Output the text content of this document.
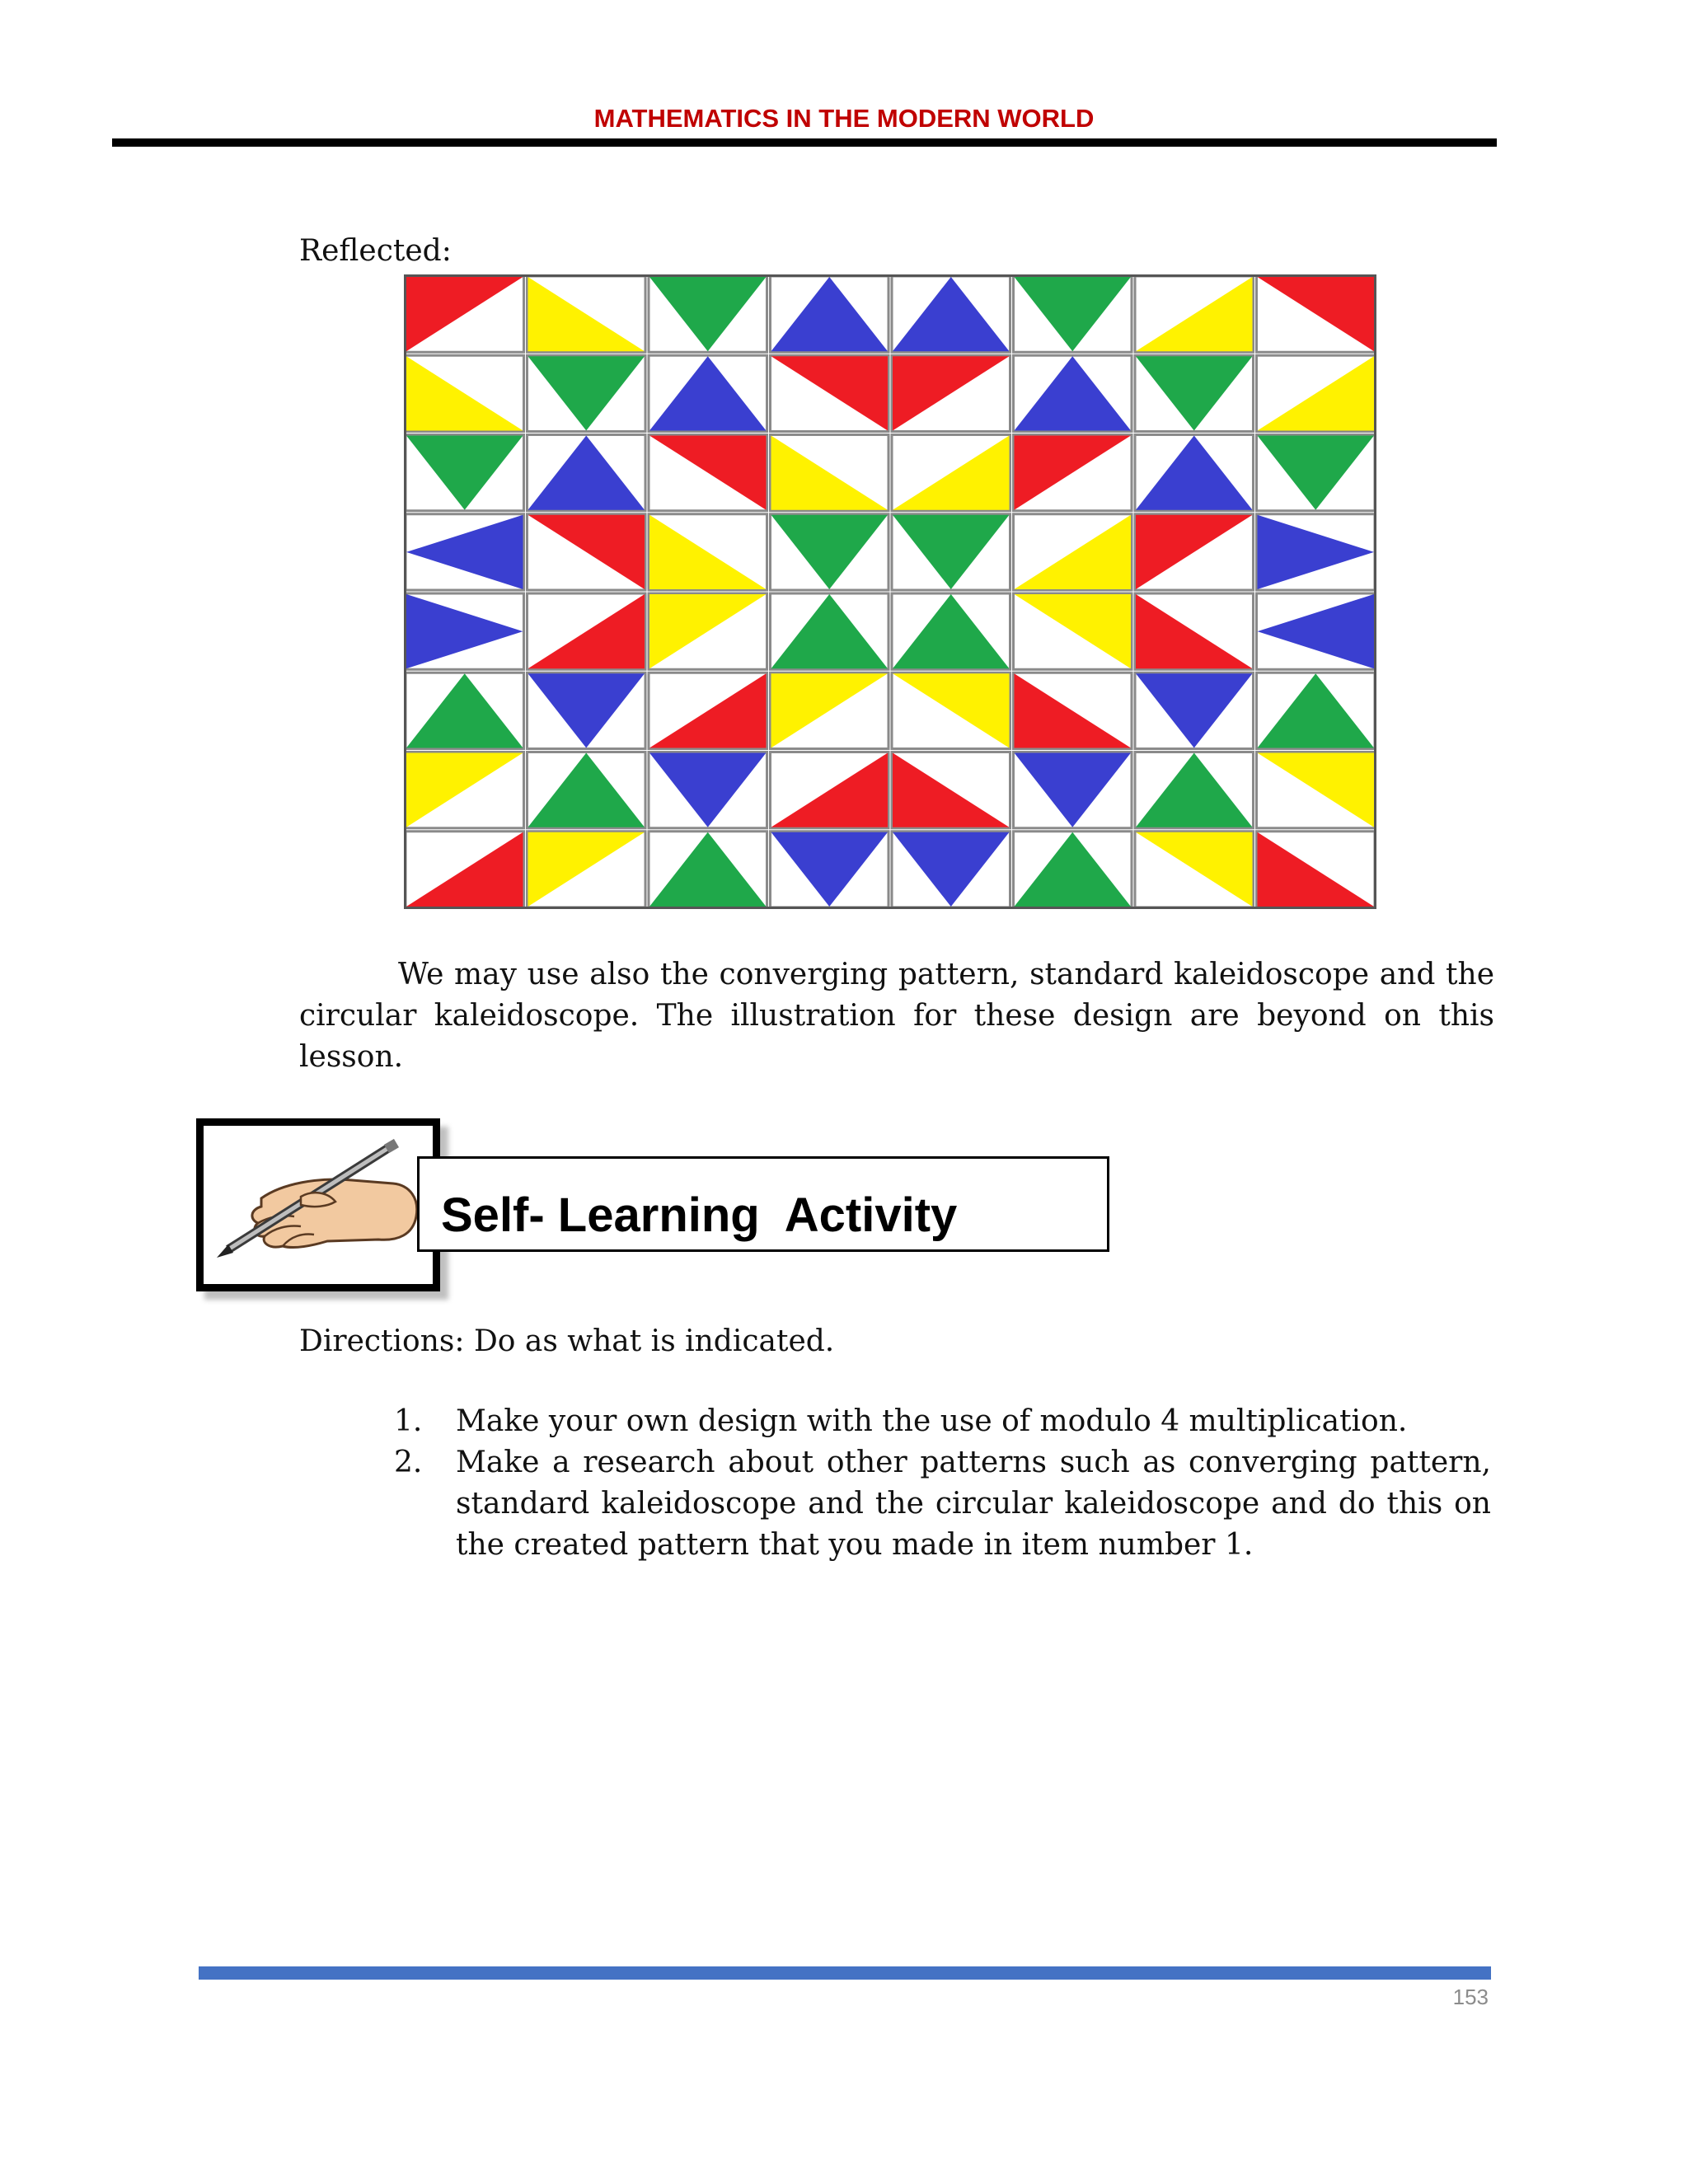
MATHEMATICS IN THE MODERN WORLD
Reflected:
We may use also the converging pattern, standard kaleidoscope and the circular kaleidoscope. The illustration for these design are beyond on this lesson.
Self- Learning  Activity
Directions: Do as what is indicated.
1. Make your own design with the use of modulo 4 multiplication.
2. Make a research about other patterns such as converging pattern, standard kaleidoscope and the circular kaleidoscope and do this on the created pattern that you made in item number 1.
153
